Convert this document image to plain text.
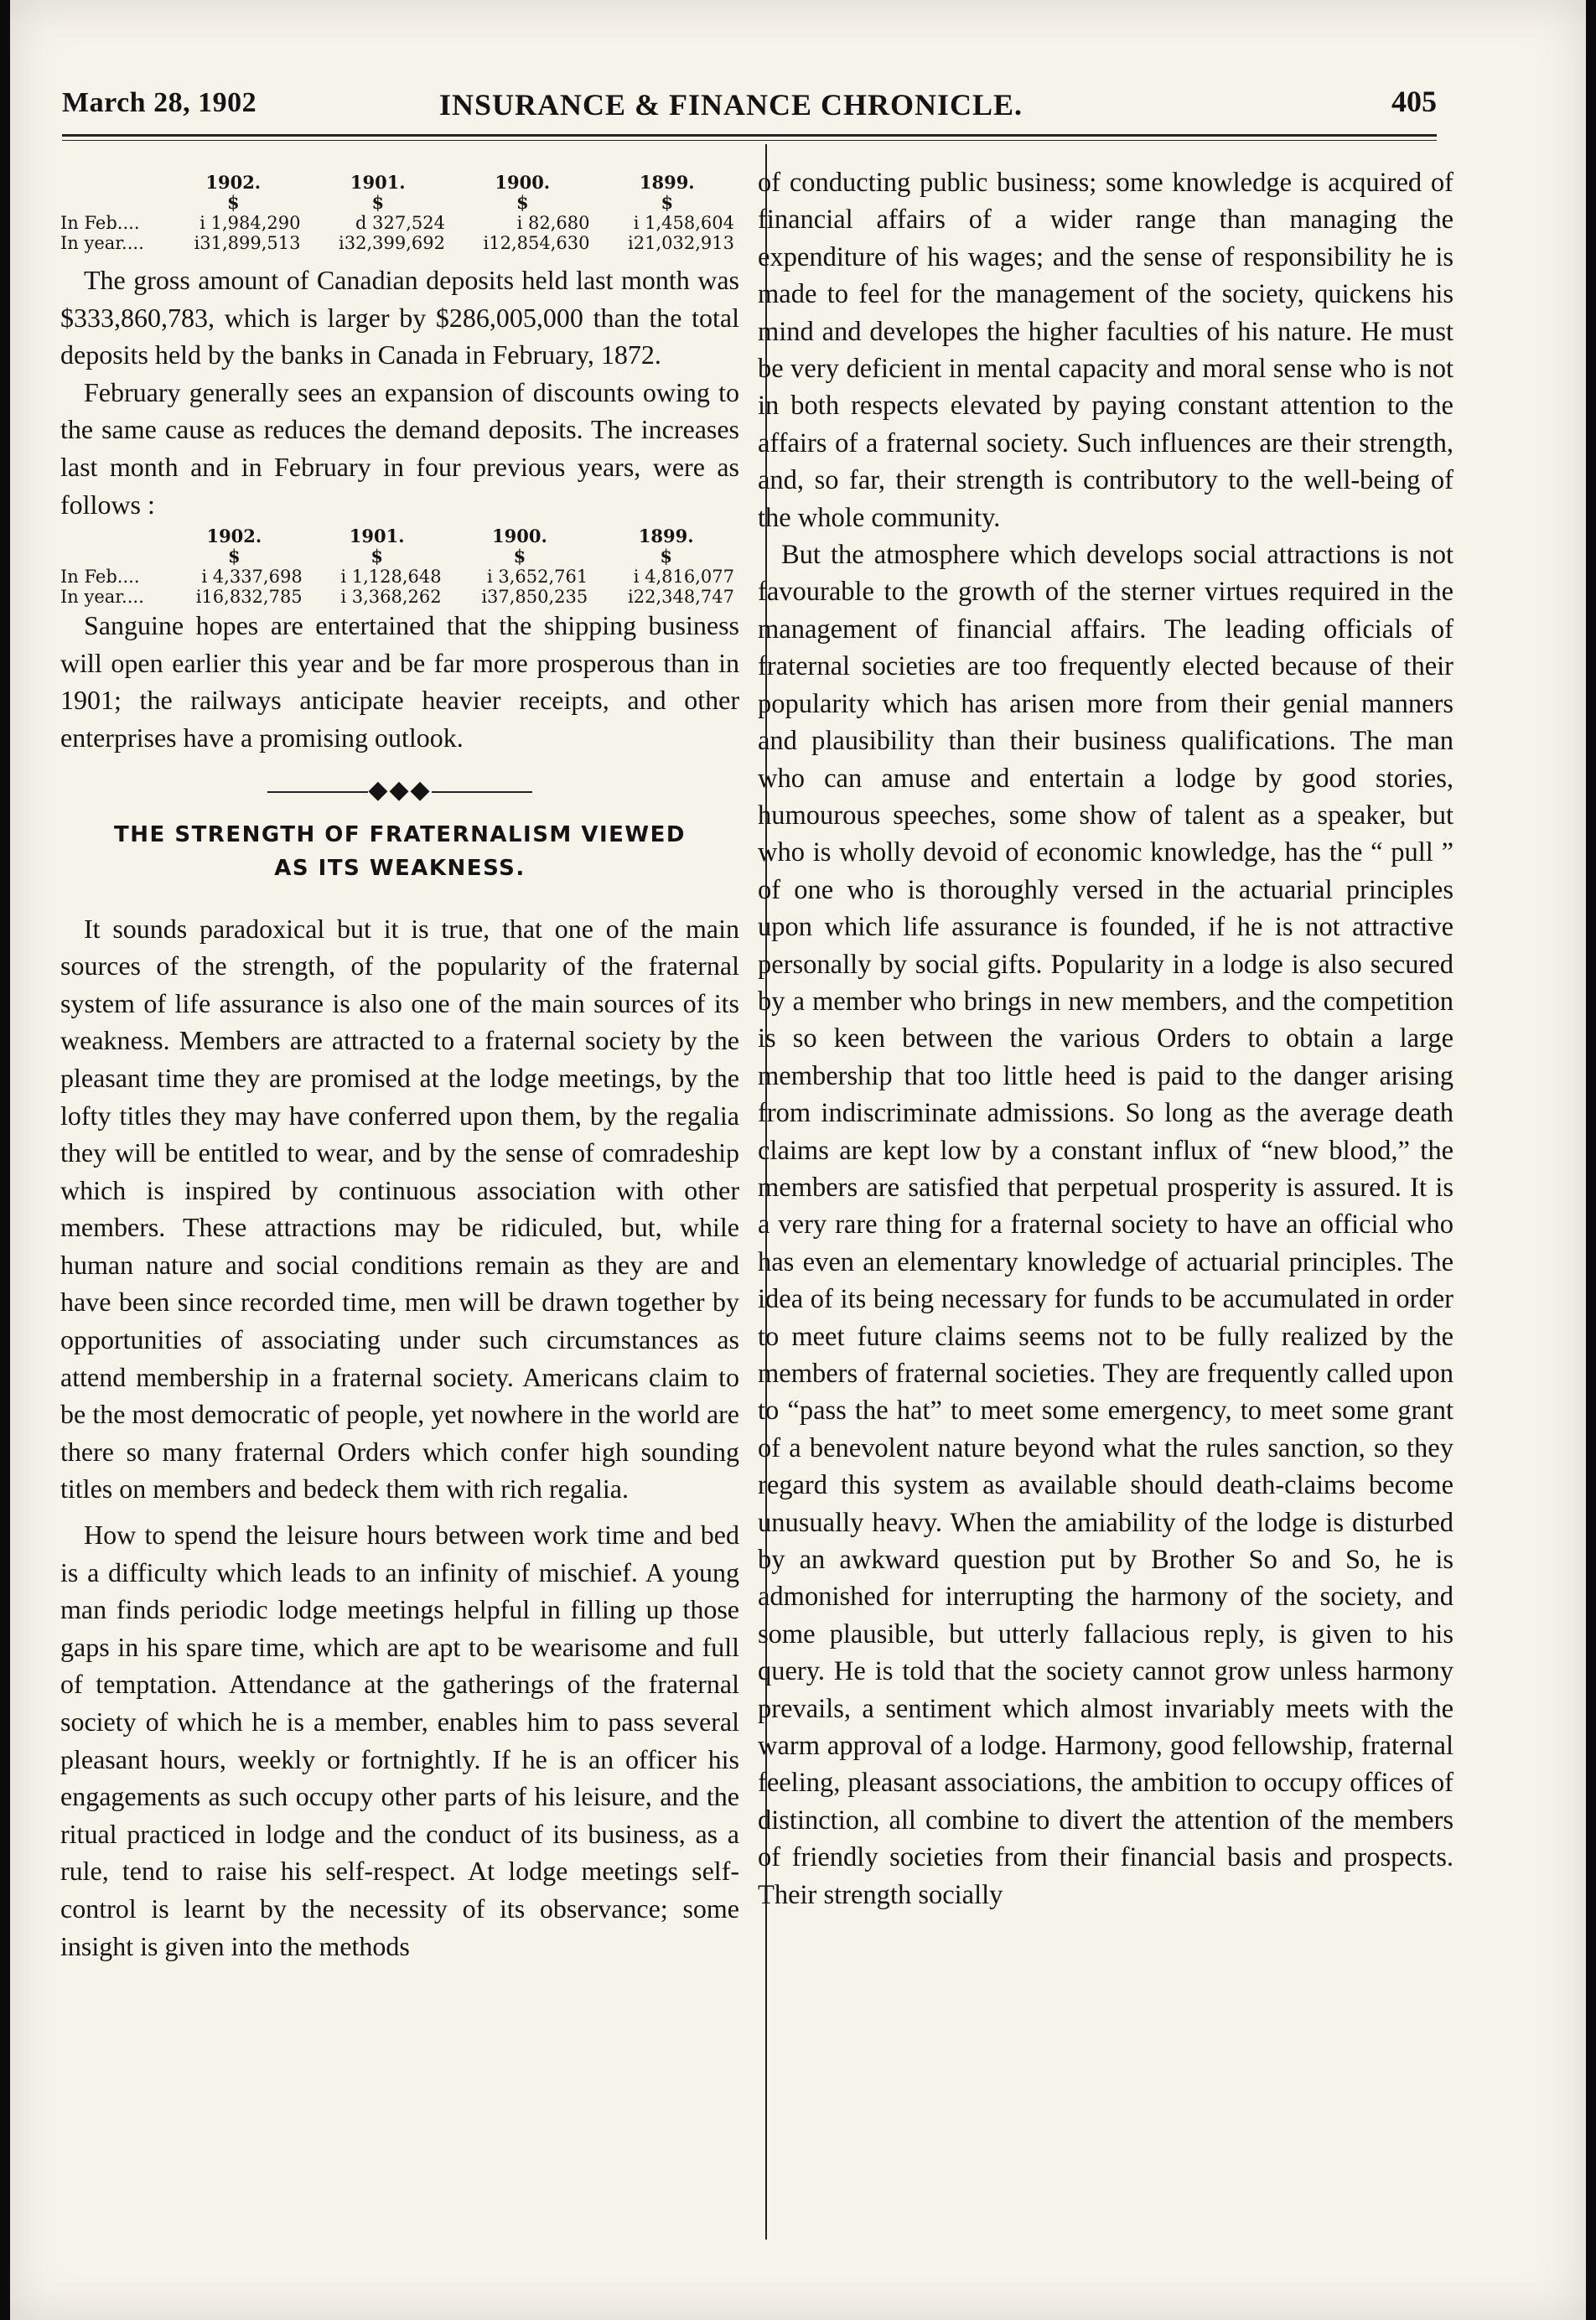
March 28, 1902	INSURANCE & FINANCE CHRONICLE.	405
	1902.	1901.	1900.	1899.
	$	$	$	$
In Feb....	i 1,984,290	d 327,524	i 82,680	i 1,458,604
In year....	i31,899,513	i32,399,692	i12,854,630	i21,032,913

The gross amount of Canadian deposits held last month was $333,860,783, which is larger by $286,005,000 than the total deposits held by the banks in Canada in February, 1872.

February generally sees an expansion of discounts owing to the same cause as reduces the demand deposits. The increases last month and in February in four previous years, were as follows :

	1902.	1901.	1900.	1899.
	$	$	$	$
In Feb....	i 4,337,698	i 1,128,648	i 3,652,761	i 4,816,077
In year....	i16,832,785	i 3,368,262	i37,850,235	i22,348,747

Sanguine hopes are entertained that the shipping business will open earlier this year and be far more prosperous than in 1901; the railways anticipate heavier receipts, and other enterprises have a promising outlook.

◆◆◆
THE STRENGTH OF FRATERNALISM VIEWED
AS ITS WEAKNESS.

It sounds paradoxical but it is true, that one of the main sources of the strength, of the popularity of the fraternal system of life assurance is also one of the main sources of its weakness. Members are attracted to a fraternal society by the pleasant time they are promised at the lodge meetings, by the lofty titles they may have conferred upon them, by the regalia they will be entitled to wear, and by the sense of comradeship which is inspired by continuous association with other members. These attractions may be ridiculed, but, while human nature and social conditions remain as they are and have been since recorded time, men will be drawn together by opportunities of associating under such circumstances as attend membership in a fraternal society. Americans claim to be the most democratic of people, yet nowhere in the world are there so many fraternal Orders which confer high sounding titles on members and bedeck them with rich regalia.

How to spend the leisure hours between work time and bed is a difficulty which leads to an infinity of mischief. A young man finds periodic lodge meetings helpful in filling up those gaps in his spare time, which are apt to be wearisome and full of temptation. Attendance at the gatherings of the fraternal society of which he is a member, enables him to pass several pleasant hours, weekly or fortnightly. If he is an officer his engagements as such occupy other parts of his leisure, and the ritual practiced in lodge and the conduct of its business, as a rule, tend to raise his self-respect. At lodge meetings self-control is learnt by the necessity of its observance; some insight is given into the methods

of conducting public business; some knowledge is acquired of financial affairs of a wider range than managing the expenditure of his wages; and the sense of responsibility he is made to feel for the management of the society, quickens his mind and developes the higher faculties of his nature. He must be very deficient in mental capacity and moral sense who is not in both respects elevated by paying constant attention to the affairs of a fraternal society. Such influences are their strength, and, so far, their strength is contributory to the well-being of the whole community.

But the atmosphere which develops social attractions is not favourable to the growth of the sterner virtues required in the management of financial affairs. The leading officials of fraternal societies are too frequently elected because of their popularity which has arisen more from their genial manners and plausibility than their business qualifications. The man who can amuse and entertain a lodge by good stories, humourous speeches, some show of talent as a speaker, but who is wholly devoid of economic knowledge, has the “ pull ” of one who is thoroughly versed in the actuarial principles upon which life assurance is founded, if he is not attractive personally by social gifts. Popularity in a lodge is also secured by a member who brings in new members, and the competition is so keen between the various Orders to obtain a large membership that too little heed is paid to the danger arising from indiscriminate admissions. So long as the average death claims are kept low by a constant influx of “new blood,” the members are satisfied that perpetual prosperity is assured. It is a very rare thing for a fraternal society to have an official who has even an elementary knowledge of actuarial principles. The idea of its being necessary for funds to be accumulated in order to meet future claims seems not to be fully realized by the members of fraternal societies. They are frequently called upon to “pass the hat” to meet some emergency, to meet some grant of a benevolent nature beyond what the rules sanction, so they regard this system as available should death-claims become unusually heavy. When the amiability of the lodge is disturbed by an awkward question put by Brother So and So, he is admonished for interrupting the harmony of the society, and some plausible, but utterly fallacious reply, is given to his query. He is told that the society cannot grow unless harmony prevails, a sentiment which almost invariably meets with the warm approval of a lodge. Harmony, good fellowship, fraternal feeling, pleasant associations, the ambition to occupy offices of distinction, all combine to divert the attention of the members of friendly societies from their financial basis and prospects. Their strength socially
